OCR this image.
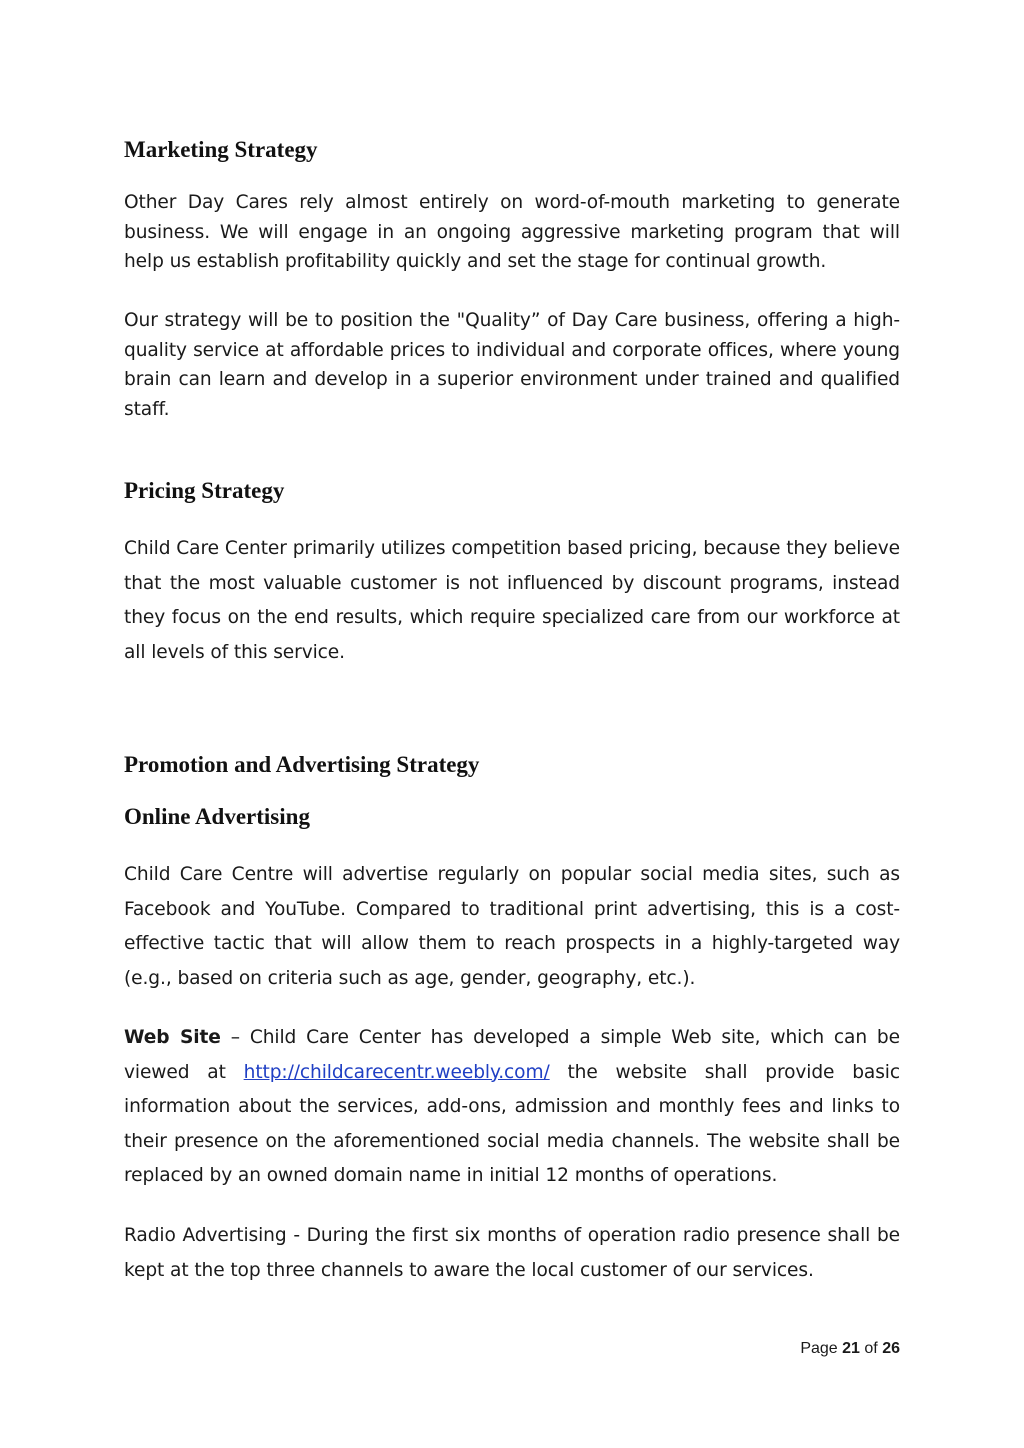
Marketing Strategy

Other Day Cares rely almost entirely on word-of-mouth marketing to generate business. We will engage in an ongoing aggressive marketing program that will help us establish profitability quickly and set the stage for continual growth.

Our strategy will be to position the "Quality” of Day Care business, offering a high-quality service at affordable prices to individual and corporate offices, where young brain can learn and develop in a superior environment under trained and qualified staff.

Pricing Strategy

Child Care Center primarily utilizes competition based pricing, because they believe that the most valuable customer is not influenced by discount programs, instead they focus on the end results, which require specialized care from our workforce at all levels of this service.

Promotion and Advertising Strategy
Online Advertising

Child Care Centre will advertise regularly on popular social media sites, such as Facebook and YouTube. Compared to traditional print advertising, this is a cost-effective tactic that will allow them to reach prospects in a highly-targeted way (e.g., based on criteria such as age, gender, geography, etc.).

Web Site – Child Care Center has developed a simple Web site, which can be viewed at http://childcarecentr.weebly.com/ the website shall provide basic information about the services, add-ons, admission and monthly fees and links to their presence on the aforementioned social media channels. The website shall be replaced by an owned domain name in initial 12 months of operations.

Radio Advertising - During the first six months of operation radio presence shall be kept at the top three channels to aware the local customer of our services.

Page 21 of 26
